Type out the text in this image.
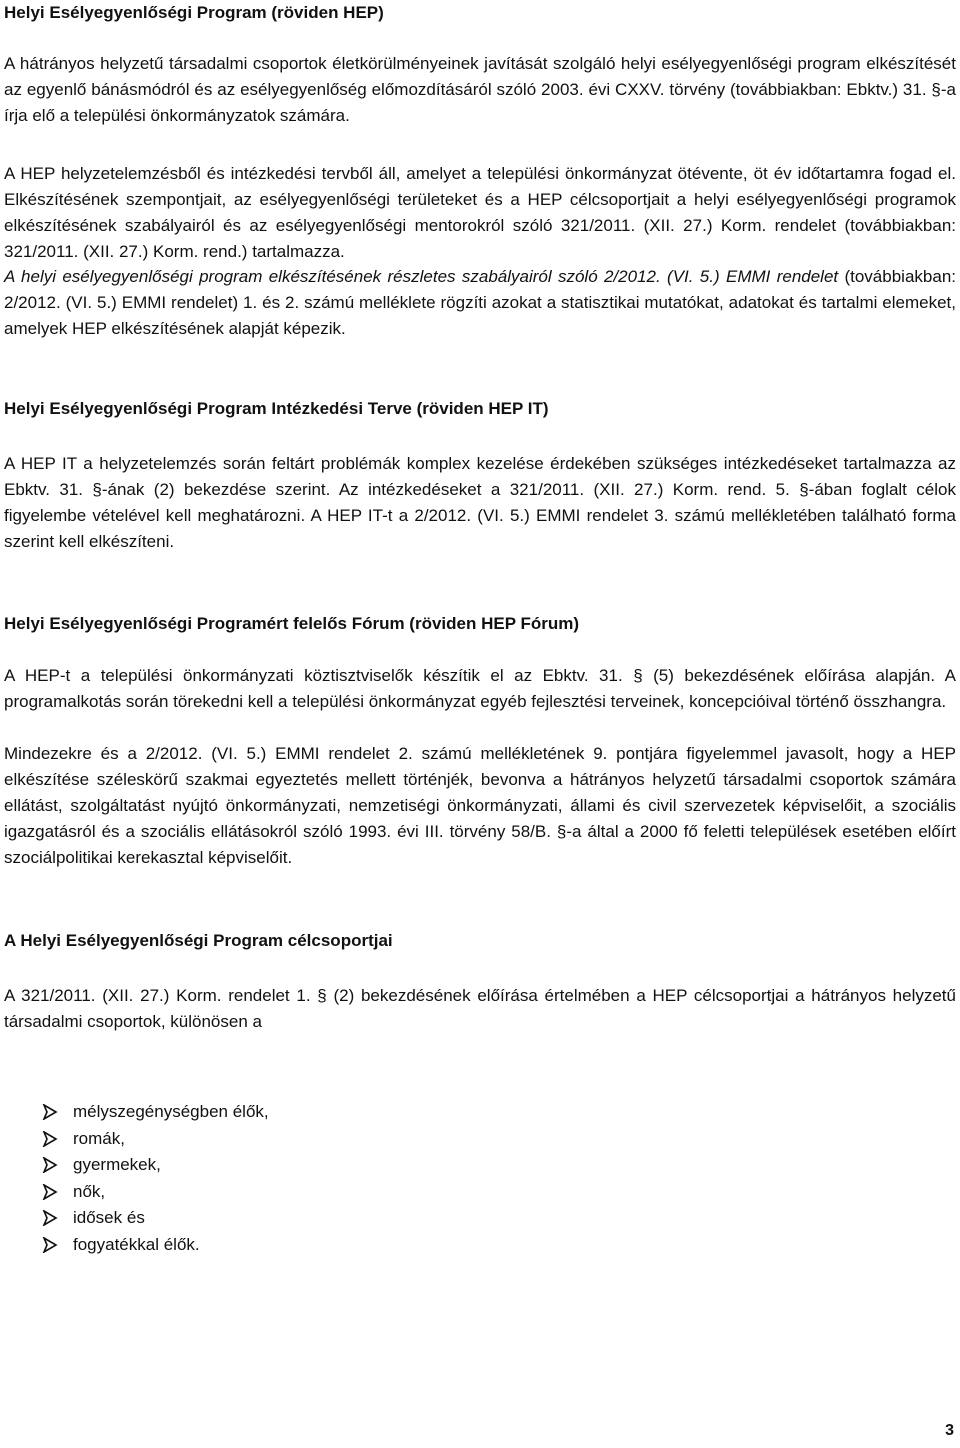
Helyi Esélyegyenlőségi Program (röviden HEP)
A hátrányos helyzetű társadalmi csoportok életkörülményeinek javítását szolgáló helyi esélyegyenlőségi program elkészítését az egyenlő bánásmódról és az esélyegyenlőség előmozdításáról szóló 2003. évi CXXV. törvény (továbbiakban: Ebktv.) 31. §-a írja elő a települési önkormányzatok számára.
A HEP helyzetelemzésből és intézkedési tervből áll, amelyet a települési önkormányzat ötévente, öt év időtartamra fogad el. Elkészítésének szempontjait, az esélyegyenlőségi területeket és a HEP célcsoportjait a helyi esélyegyenlőségi programok elkészítésének szabályairól és az esélyegyenlőségi mentorokról szóló 321/2011. (XII. 27.) Korm. rendelet (továbbiakban: 321/2011. (XII. 27.) Korm. rend.) tartalmazza.
A helyi esélyegyenlőségi program elkészítésének részletes szabályairól szóló 2/2012. (VI. 5.) EMMI rendelet (továbbiakban: 2/2012. (VI. 5.) EMMI rendelet) 1. és 2. számú melléklete rögzíti azokat a statisztikai mutatókat, adatokat és tartalmi elemeket, amelyek HEP elkészítésének alapját képezik.
Helyi Esélyegyenlőségi Program Intézkedési Terve (röviden HEP IT)
A HEP IT a helyzetelemzés során feltárt problémák komplex kezelése érdekében szükséges intézkedéseket tartalmazza az Ebktv. 31. §-ának (2) bekezdése szerint. Az intézkedéseket a 321/2011. (XII. 27.) Korm. rend. 5. §-ában foglalt célok figyelembe vételével kell meghatározni. A HEP IT-t a 2/2012. (VI. 5.) EMMI rendelet 3. számú mellékletében található forma szerint kell elkészíteni.
Helyi Esélyegyenlőségi Programért felelős Fórum (röviden HEP Fórum)
A HEP-t a települési önkormányzati köztisztviselők készítik el az Ebktv. 31. § (5) bekezdésének előírása alapján. A programalkotás során törekedni kell a települési önkormányzat egyéb fejlesztési terveinek, koncepcióival történő összhangra.
Mindezekre és a 2/2012. (VI. 5.) EMMI rendelet 2. számú mellékletének 9. pontjára figyelemmel javasolt, hogy a HEP elkészítése széleskörű szakmai egyeztetés mellett történjék, bevonva a hátrányos helyzetű társadalmi csoportok számára ellátást, szolgáltatást nyújtó önkormányzati, nemzetiségi önkormányzati, állami és civil szervezetek képviselőit, a szociális igazgatásról és a szociális ellátásokról szóló 1993. évi III. törvény 58/B. §-a által a 2000 fő feletti települések esetében előírt szociálpolitikai kerekasztal képviselőit.
A Helyi Esélyegyenlőségi Program célcsoportjai
A 321/2011. (XII. 27.) Korm. rendelet 1. § (2) bekezdésének előírása értelmében a HEP célcsoportjai a hátrányos helyzetű társadalmi csoportok, különösen a
mélyszegénységben élők,
romák,
gyermekek,
nők,
idősek és
fogyatékkal élők.
3
